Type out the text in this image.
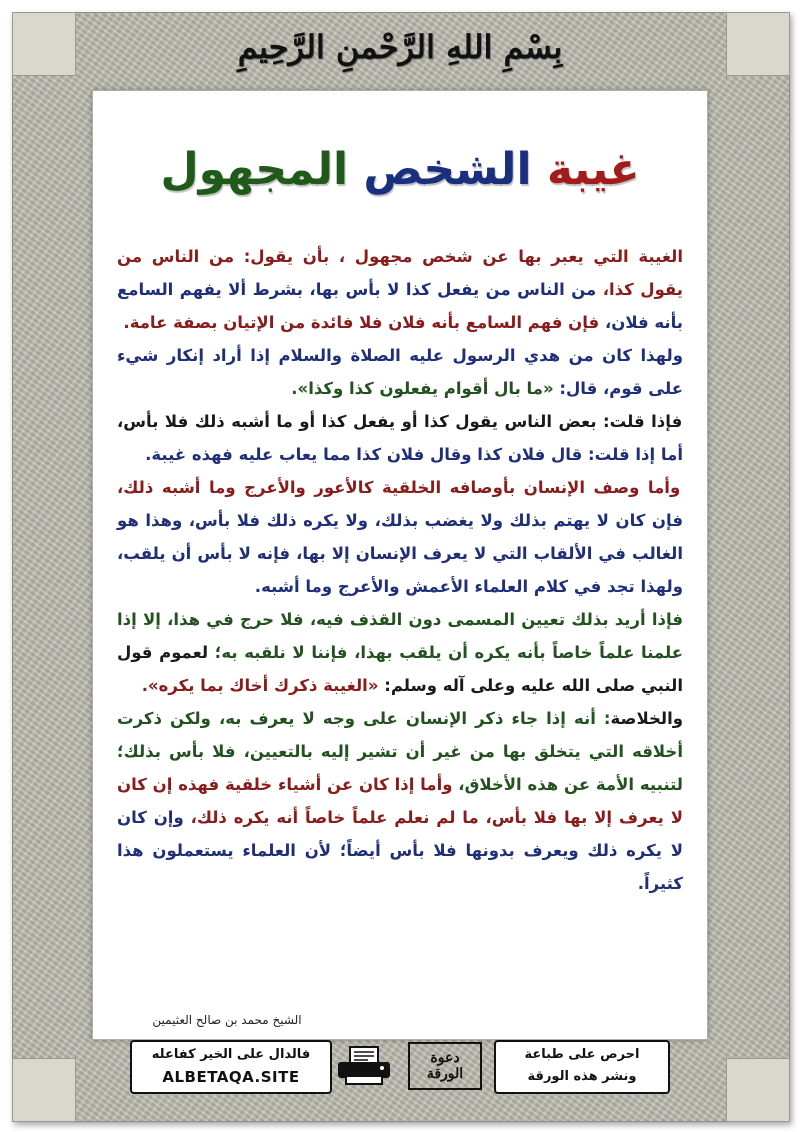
بِسْمِ اللهِ الرَّحْمنِ الرَّحِيمِ
غيبة الشخص المجهول

الغيبة التي يعبر بها عن شخص مجهول ، بأن يقول: من الناس من يقول كذا، من الناس من يفعل كذا لا بأس بها، بشرط ألا يفهم السامع بأنه فلان، فإن فهم السامع بأنه فلان فلا فائدة من الإتيان بصفة عامة.

ولهذا كان من هدي الرسول عليه الصلاة والسلام إذا أراد إنكار شيء على قوم، قال: «ما بال أقوام يفعلون كذا وكذا».

فإذا قلت: بعض الناس يقول كذا أو يفعل كذا أو ما أشبه ذلك فلا بأس، أما إذا قلت: قال فلان كذا وقال فلان كذا مما يعاب عليه فهذه غيبة.

وأما وصف الإنسان بأوصافه الخلقية كالأعور والأعرج وما أشبه ذلك، فإن كان لا يهتم بذلك ولا يغضب بذلك، ولا يكره ذلك فلا بأس، وهذا هو الغالب في الألقاب التي لا يعرف الإنسان إلا بها، فإنه لا بأس أن يلقب، ولهذا تجد في كلام العلماء الأعمش والأعرج وما أشبه.

فإذا أريد بذلك تعيين المسمى دون القذف فيه، فلا حرج في هذا، إلا إذا علمنا علماً خاصاً بأنه يكره أن يلقب بهذا، فإننا لا نلقبه به؛ لعموم قول النبي صلى الله عليه وعلى آله وسلم: «الغيبة ذكرك أخاك بما يكره».

والخلاصة: أنه إذا جاء ذكر الإنسان على وجه لا يعرف به، ولكن ذكرت أخلاقه التي يتخلق بها من غير أن تشير إليه بالتعيين، فلا بأس بذلك؛ لتنبيه الأمة عن هذه الأخلاق، وأما إذا كان عن أشياء خلقية فهذه إن كان لا يعرف إلا بها فلا بأس، ما لم نعلم علماً خاصاً أنه يكره ذلك، وإن كان لا يكره ذلك ويعرف بدونها فلا بأس أيضاً؛ لأن العلماء يستعملون هذا كثيراً.

الشيخ محمد بن صالح العثيمين
احرص على طباعة
ونشر هذه الورقة
دعوة
الورقة
فالدال على الخير كفاعله
ALBETAQA.SITE
